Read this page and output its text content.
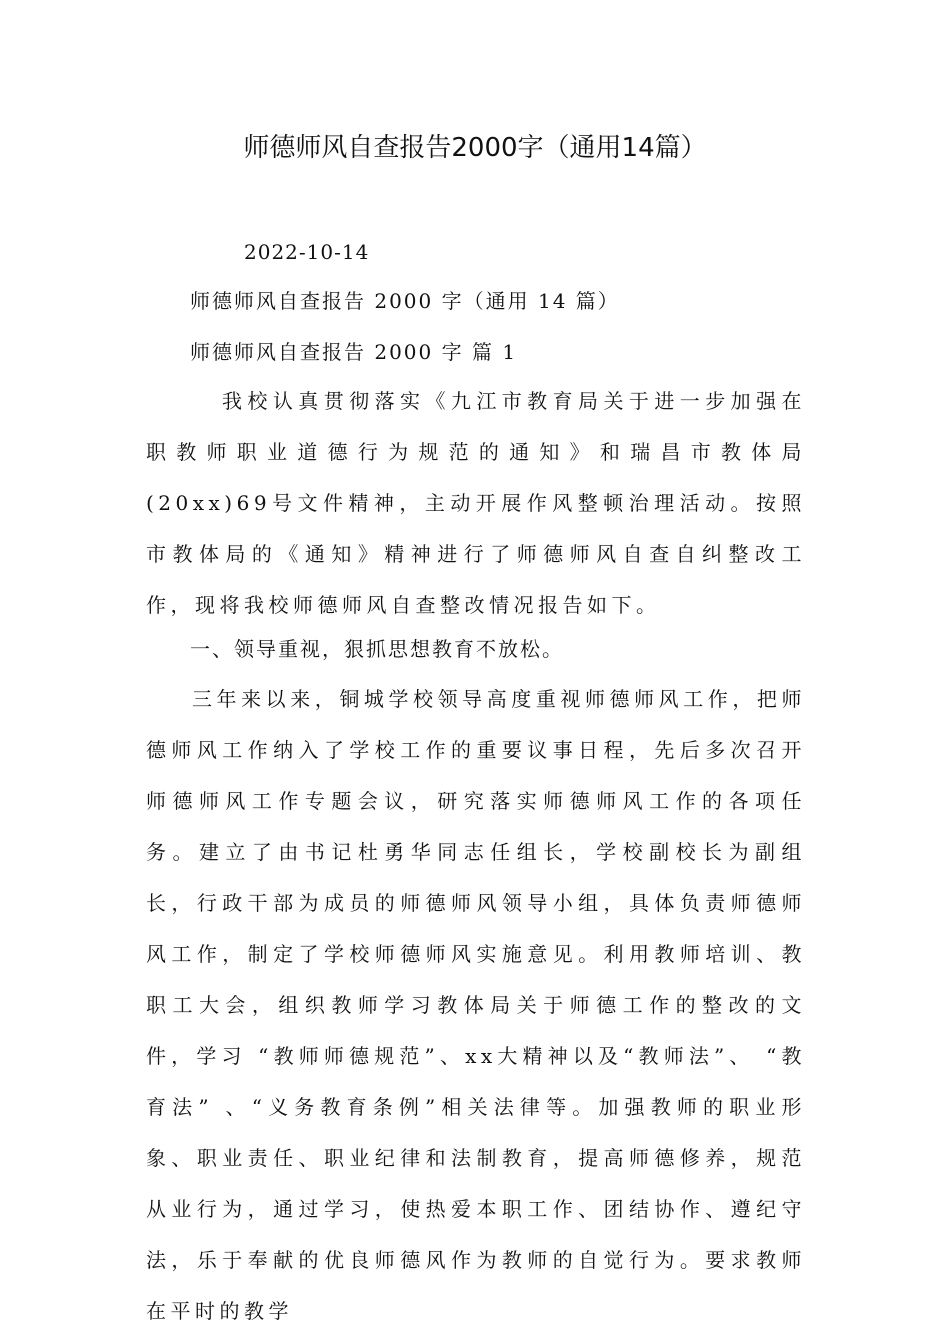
师德师风自查报告2000字（通用14篇）
2022-10-14
师德师风自查报告 2000 字（通用 14 篇）
师德师风自查报告 2000 字 篇 1

我校认真贯彻落实《九江市教育局关于进一步加强在职教师职业道德行为规范的通知》和瑞昌市教体局(20xx)69号文件精神，主动开展作风整顿治理活动。按照市教体局的《通知》精神进行了师德师风自查自纠整改工作，现将我校师德师风自查整改情况报告如下。

一、领导重视，狠抓思想教育不放松。

三年来以来，铜城学校领导高度重视师德师风工作，把师德师风工作纳入了学校工作的重要议事日程，先后多次召开师德师风工作专题会议，研究落实师德师风工作的各项任务。建立了由书记杜勇华同志任组长，学校副校长为副组长，行政干部为成员的师德师风领导小组，具体负责师德师风工作，制定了学校师德师风实施意见。利用教师培训、教职工大会，组织教师学习教体局关于师德工作的整改的文件，学习 “教师师德规范”、xx大精神以及“教师法”、 “教育法” 、“义务教育条例”相关法律等。加强教师的职业形象、职业责任、职业纪律和法制教育，提高师德修养，规范从业行为，通过学习，使热爱本职工作、团结协作、遵纪守法，乐于奉献的优良师德风作为教师的自觉行为。要求教师在平时的教学
